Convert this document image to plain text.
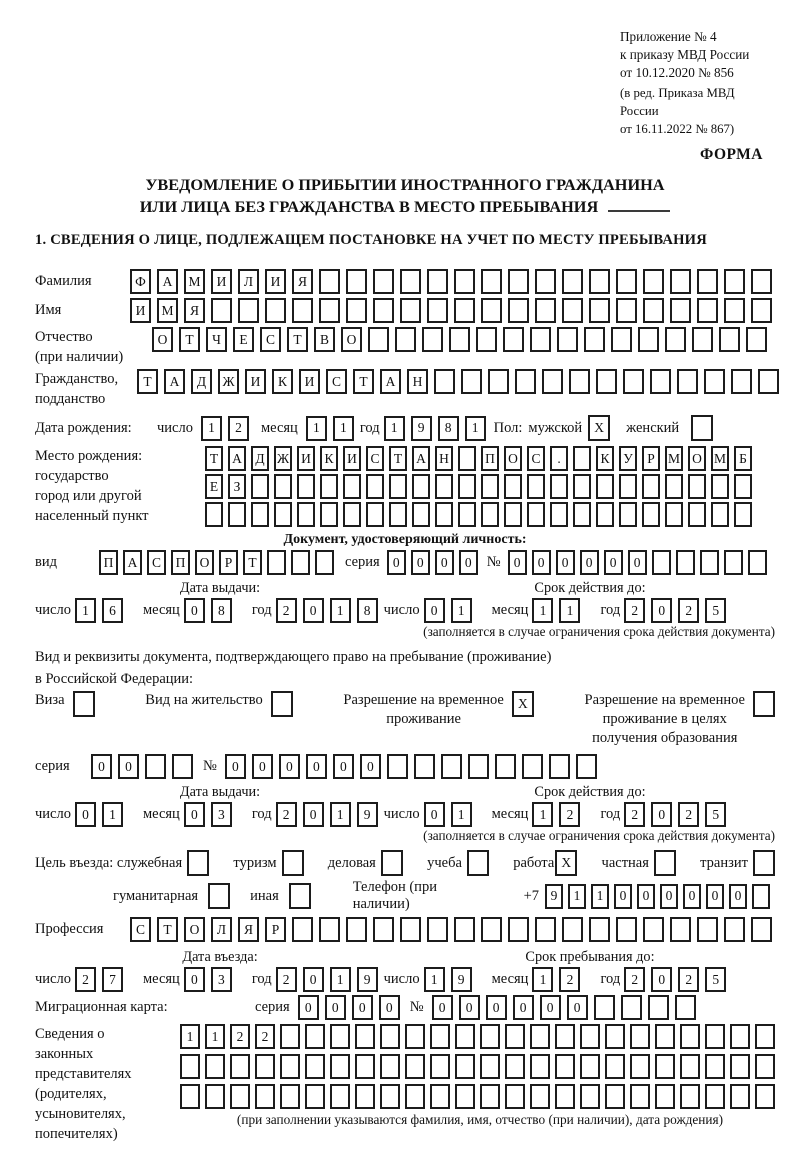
Приложение № 4
к приказу МВД России
от 10.12.2020 № 856
(в ред. Приказа МВД России
от 16.11.2022 № 867)
ФОРМА
УВЕДОМЛЕНИЕ О ПРИБЫТИИ ИНОСТРАННОГО ГРАЖДАНИНА
ИЛИ ЛИЦА БЕЗ ГРАЖДАНСТВА В МЕСТО ПРЕБЫВАНИЯ
1. СВЕДЕНИЯ О ЛИЦЕ, ПОДЛЕЖАЩЕМ ПОСТАНОВКЕ НА УЧЕТ ПО МЕСТУ ПРЕБЫВАНИЯ
Фамилия	Ф	А	М	И	Л	И	Я
Имя	И	М	Я
Отчество
(при наличии)
О	Т	Ч	Е	С	Т	В	О
Гражданство,
подданство
Т	А	Д	Ж	И	К	И	С	Т	А	Н
Дата рождения:	число	1	2	месяц	1	1 год 1	9	8	1	Пол: мужской X	женский
Место рождения:
государство
город или другой
населенный пункт
Т	А	Д Ж И	К	И	С	Т	А Н	П О	С	.	К	У	Р М О М Б
Е	З
Документ, удостоверяющий личность:
вид	П	А	С	П	О	Р	Т	серия 0	0	0	0	№ 0	0	0	0	0	0
Дата выдачи:	Срок действия до:
число 1	6	месяц 0	8	год 2	0	1	8 число 0	1	месяц 1	1	год 2	0	2	5
(заполняется в случае ограничения срока действия документа)
Вид и реквизиты документа, подтверждающего право на пребывание (проживание)
в Российской Федерации:
Виза	Вид на жительство	Разрешение на временное
проживание
X	Разрешение на временное
проживание в целях
получения образования
серия	0	0	№	0	0	0	0	0	0
Дата выдачи:	Срок действия до:
число 0	1	месяц 0	3	год 2	0	1	9 число 0	1	месяц 1	2	год 2	0	2	5
(заполняется в случае ограничения срока действия документа)
Цель въезда: служебная	туризм	деловая	учеба	работа X	частная	транзит
гуманитарная	иная
Телефон (при наличии)
+7 9	1	1	0	0	0	0	0	0
Профессия	С	Т	О	Л	Я	Р
Дата въезда:	Срок пребывания до:
число 2	7	месяц 0	3	год 2	0	1	9 число 1	9	месяц 1	2	год 2	0	2	5
Миграционная карта:	серия	0	0	0	0	№	0	0	0	0	0	0
Сведения о
законных
представителях
(родителях,
усыновителях,
попечителях)
1	1	2	2
(при заполнении указываются фамилия, имя, отчество (при наличии), дата рождения)
